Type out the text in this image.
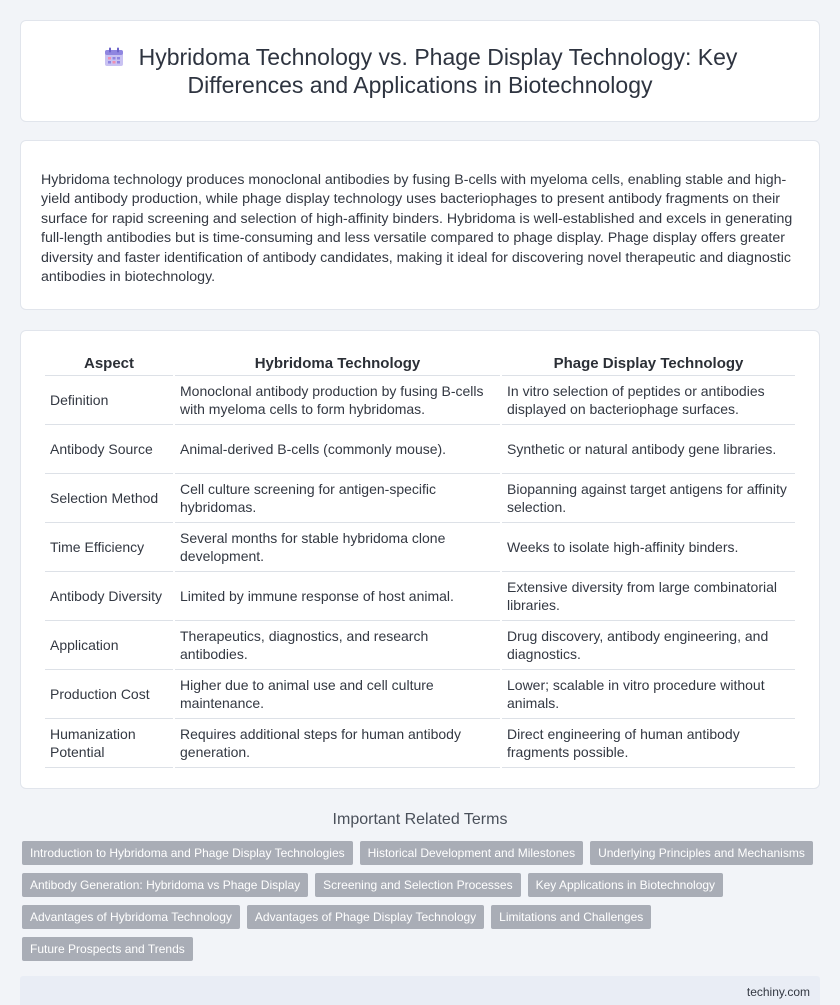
Hybridoma Technology vs. Phage Display Technology: Key Differences and Applications in Biotechnology

Hybridoma technology produces monoclonal antibodies by fusing B-cells with myeloma cells, enabling stable and high-yield antibody production, while phage display technology uses bacteriophages to present antibody fragments on their surface for rapid screening and selection of high-affinity binders. Hybridoma is well-established and excels in generating full-length antibodies but is time-consuming and less versatile compared to phage display. Phage display offers greater diversity and faster identification of antibody candidates, making it ideal for discovering novel therapeutic and diagnostic antibodies in biotechnology.

Aspect	Hybridoma Technology	Phage Display Technology
Definition	Monoclonal antibody production by fusing B-cells with myeloma cells to form hybridomas.	In vitro selection of peptides or antibodies displayed on bacteriophage surfaces.
Antibody Source	Animal-derived B-cells (commonly mouse).	Synthetic or natural antibody gene libraries.
Selection Method	Cell culture screening for antigen-specific hybridomas.	Biopanning against target antigens for affinity selection.
Time Efficiency	Several months for stable hybridoma clone development.	Weeks to isolate high-affinity binders.
Antibody Diversity	Limited by immune response of host animal.	Extensive diversity from large combinatorial libraries.
Application	Therapeutics, diagnostics, and research antibodies.	Drug discovery, antibody engineering, and diagnostics.
Production Cost	Higher due to animal use and cell culture maintenance.	Lower; scalable in vitro procedure without animals.
Humanization Potential	Requires additional steps for human antibody generation.	Direct engineering of human antibody fragments possible.
Important Related Terms
Introduction to Hybridoma and Phage Display Technologies	Historical Development and Milestones	Underlying Principles and Mechanisms
Antibody Generation: Hybridoma vs Phage Display	Screening and Selection Processes	Key Applications in Biotechnology
Advantages of Hybridoma Technology	Advantages of Phage Display Technology	Limitations and Challenges
Future Prospects and Trends
techiny.com
